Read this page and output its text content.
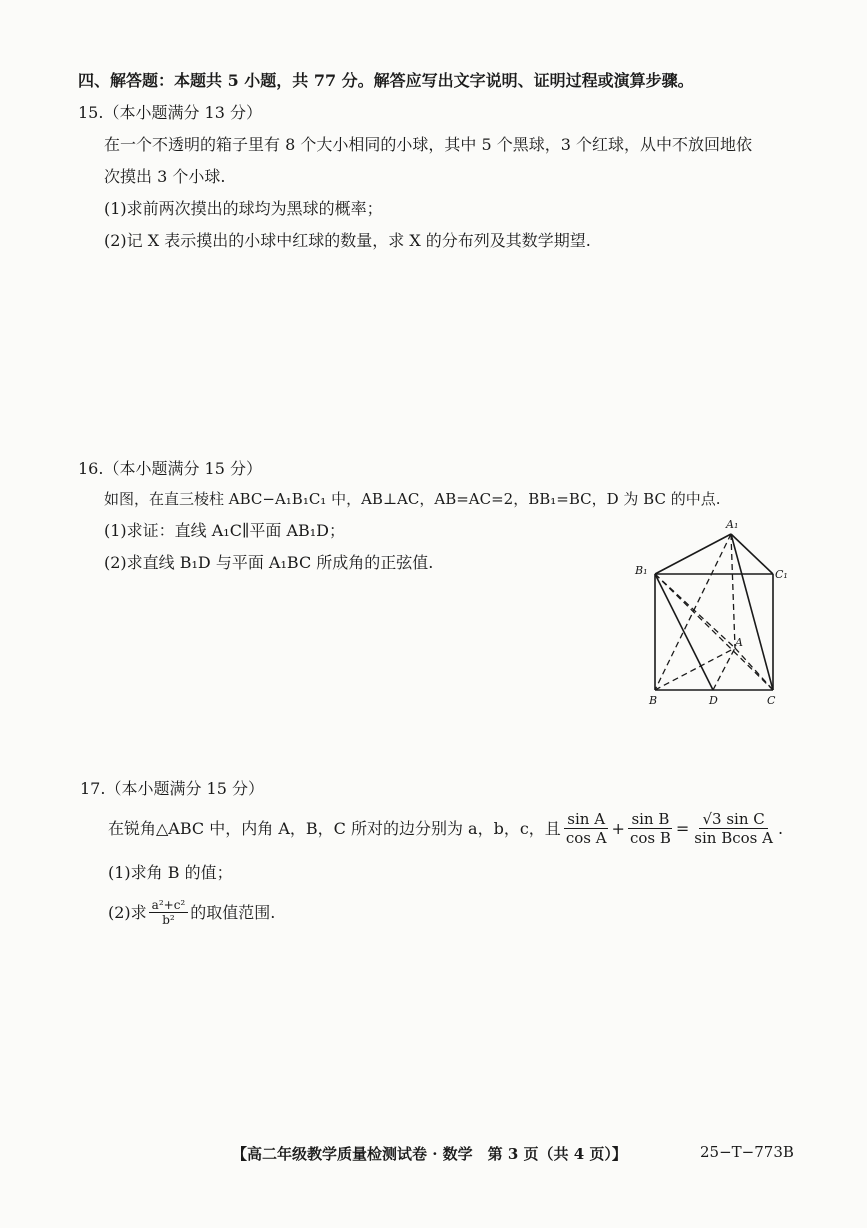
四、解答题：本题共 5 小题，共 77 分。解答应写出文字说明、证明过程或演算步骤。
15.（本小题满分 13 分）
在一个不透明的箱子里有 8 个大小相同的小球，其中 5 个黑球，3 个红球，从中不放回地依
次摸出 3 个小球.
(1)求前两次摸出的球均为黑球的概率；
(2)记 X 表示摸出的小球中红球的数量，求 X 的分布列及其数学期望.
16.（本小题满分 15 分）
如图，在直三棱柱 ABC−A₁B₁C₁ 中，AB⊥AC，AB=AC=2，BB₁=BC，D 为 BC 的中点.
(1)求证：直线 A₁C∥平面 AB₁D；
(2)求直线 B₁D 与平面 A₁BC 所成角的正弦值.
A₁
B₁	C₁
A
B	D	C
17.（本小题满分 15 分）
在锐角△ABC 中，内角 A，B，C 所对的边分别为 a，b，c，且 $\frac{\text{sin A}}{\text{cos A}} + \frac{\text{sin B}}{\text{cos B}} = \frac{\text{√3 sin C}}{\text{sin Bcos A}}$ .
(1)求角 B 的值；
(2)求 $\frac{\text{a²+c²}}{\text{b²}}$ 的取值范围.
【高二年级教学质量检测试卷 · 数学　第 3 页（共 4 页）】	25−T−773B
